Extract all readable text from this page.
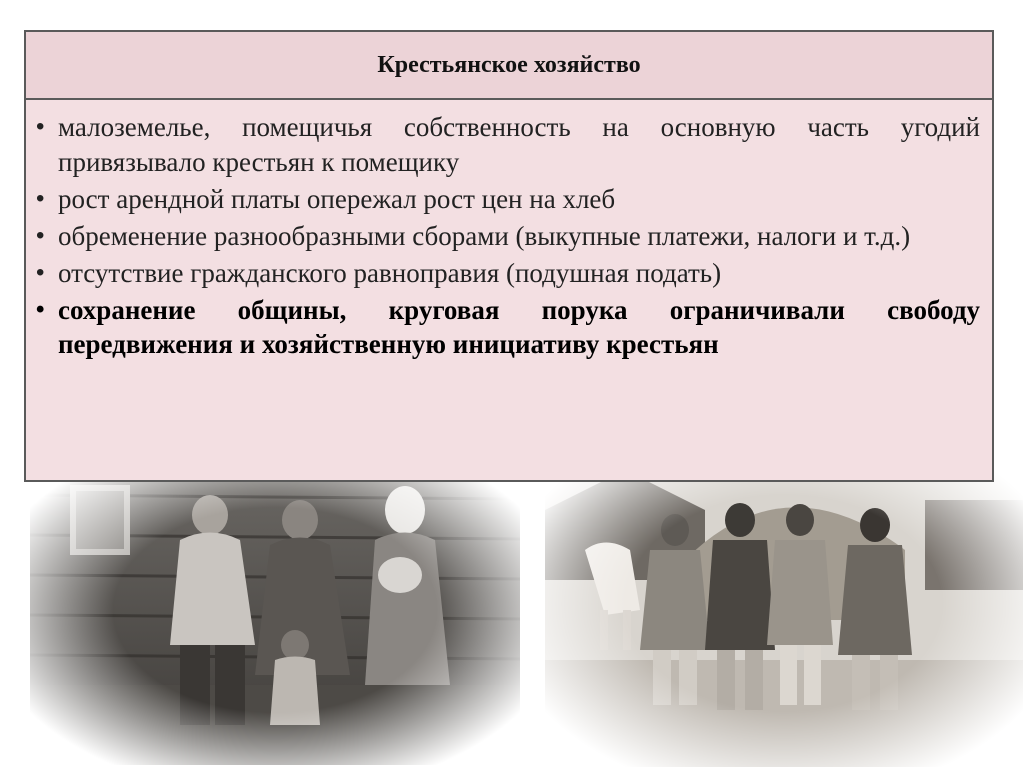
Крестьянское хозяйство
• малоземелье, помещичья собственность на основную часть угодий привязывало крестьян к помещику
• рост арендной платы опережал рост цен на хлеб
• обременение разнообразными сборами (выкупные платежи, налоги и т.д.)
• отсутствие гражданского равноправия (подушная подать)
• сохранение общины, круговая порука ограничивали свободу передвижения и хозяйственную инициативу крестьян
